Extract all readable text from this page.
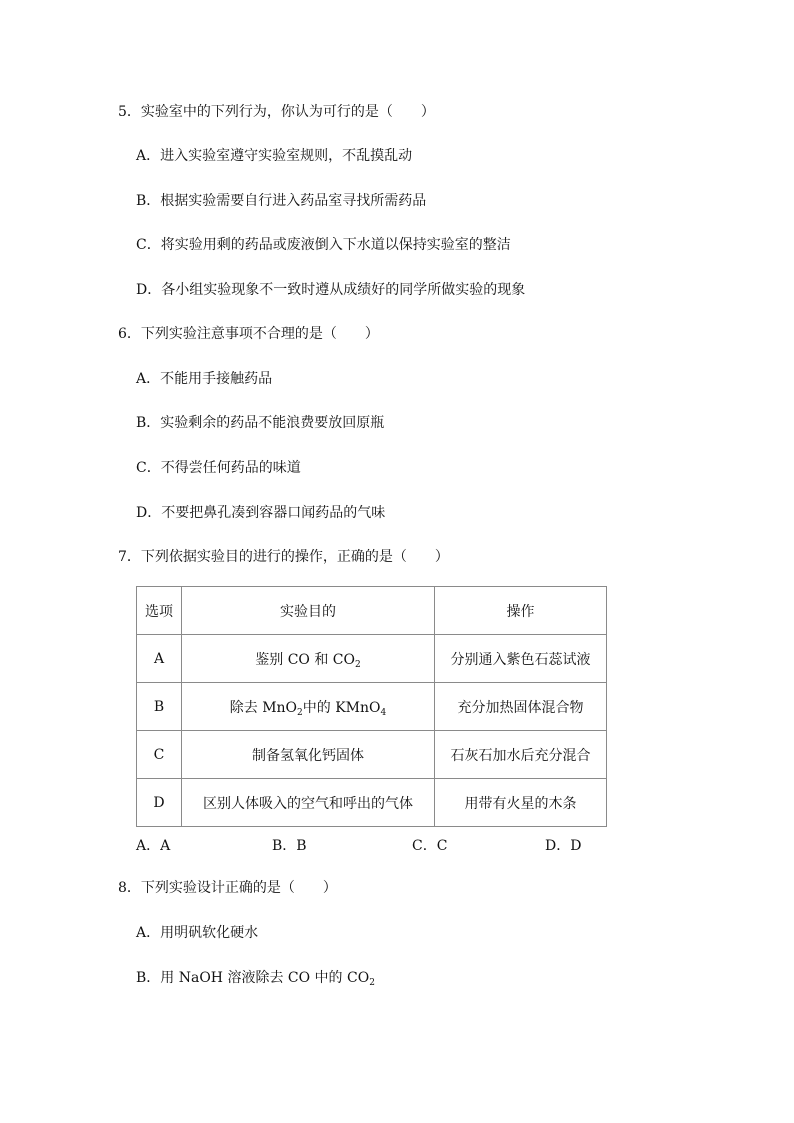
5．实验室中的下列行为，你认为可行的是（　　）
A．进入实验室遵守实验室规则，不乱摸乱动
B．根据实验需要自行进入药品室寻找所需药品
C．将实验用剩的药品或废液倒入下水道以保持实验室的整洁
D．各小组实验现象不一致时遵从成绩好的同学所做实验的现象
6．下列实验注意事项不合理的是（　　）
A．不能用手接触药品
B．实验剩余的药品不能浪费要放回原瓶
C．不得尝任何药品的味道
D．不要把鼻孔凑到容器口闻药品的气味
7．下列依据实验目的进行的操作，正确的是（　　）
选项	实验目的	操作
A	鉴别 CO 和 $CO_2$	分别通入紫色石蕊试液
B	除去 MnO$_2$中的 KMnO$_4$	充分加热固体混合物
C	制备氢氧化钙固体	石灰石加水后充分混合
D	区别人体吸入的空气和呼出的气体	用带有火星的木条
A．A	B．B	C．C	D．D
8．下列实验设计正确的是（　　）
A．用明矾软化硬水
B．用 NaOH 溶液除去 CO 中的 $CO_2$
